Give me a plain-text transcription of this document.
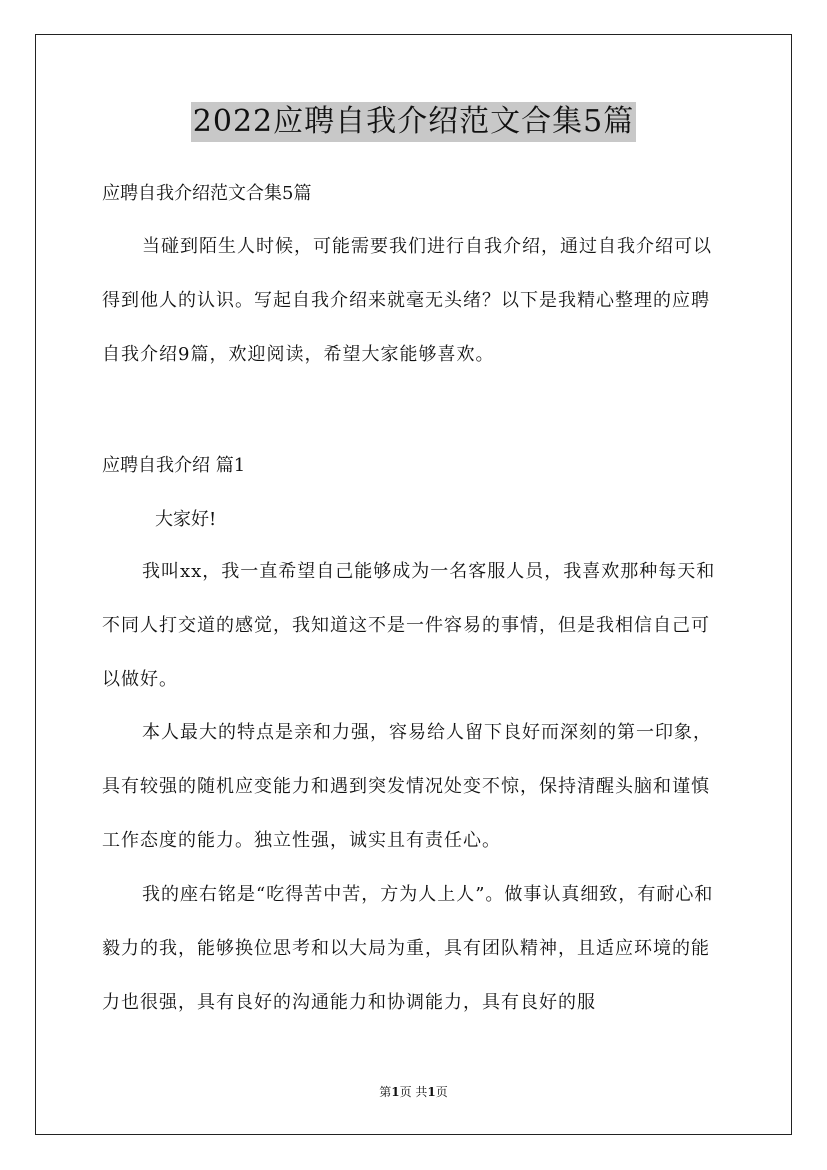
2022应聘自我介绍范文合集5篇
应聘自我介绍范文合集5篇
当碰到陌生人时候，可能需要我们进行自我介绍，通过自我介绍可以得到他人的认识。写起自我介绍来就毫无头绪？以下是我精心整理的应聘自我介绍9篇，欢迎阅读，希望大家能够喜欢。
应聘自我介绍 篇1
大家好!
我叫xx，我一直希望自己能够成为一名客服人员，我喜欢那种每天和不同人打交道的感觉，我知道这不是一件容易的事情，但是我相信自己可以做好。
本人最大的特点是亲和力强，容易给人留下良好而深刻的第一印象，具有较强的随机应变能力和遇到突发情况处变不惊，保持清醒头脑和谨慎工作态度的能力。独立性强，诚实且有责任心。
我的座右铭是“吃得苦中苦，方为人上人”。做事认真细致，有耐心和毅力的我，能够换位思考和以大局为重，具有团队精神，且适应环境的能力也很强，具有良好的沟通能力和协调能力，具有良好的服
第1页 共1页
